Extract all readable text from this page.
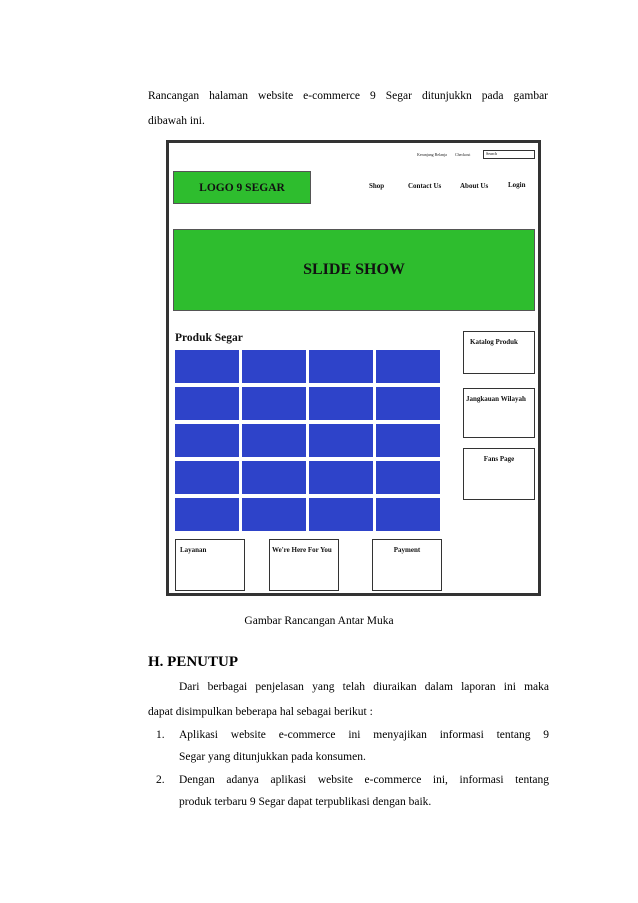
Rancangan halaman website e-commerce 9 Segar ditunjukkn pada gambar
dibawah ini.
Keranjang Belanja Checkout	Search
LOGO 9 SEGAR	Shop	Contact Us	About Us	Login
SLIDE SHOW
Produk Segar	Katalog Produk
Jangkauan Wilayah
Fans Page
Layanan	We're Here For You	Payment
Gambar Rancangan Antar Muka
H. PENUTUP
Dari berbagai penjelasan yang telah diuraikan dalam laporan ini maka
dapat disimpulkan beberapa hal sebagai berikut :
1. Aplikasi website e-commerce ini menyajikan informasi tentang 9
Segar yang ditunjukkan pada konsumen.
2. Dengan adanya aplikasi website e-commerce ini, informasi tentang
produk terbaru 9 Segar dapat terpublikasi dengan baik.
